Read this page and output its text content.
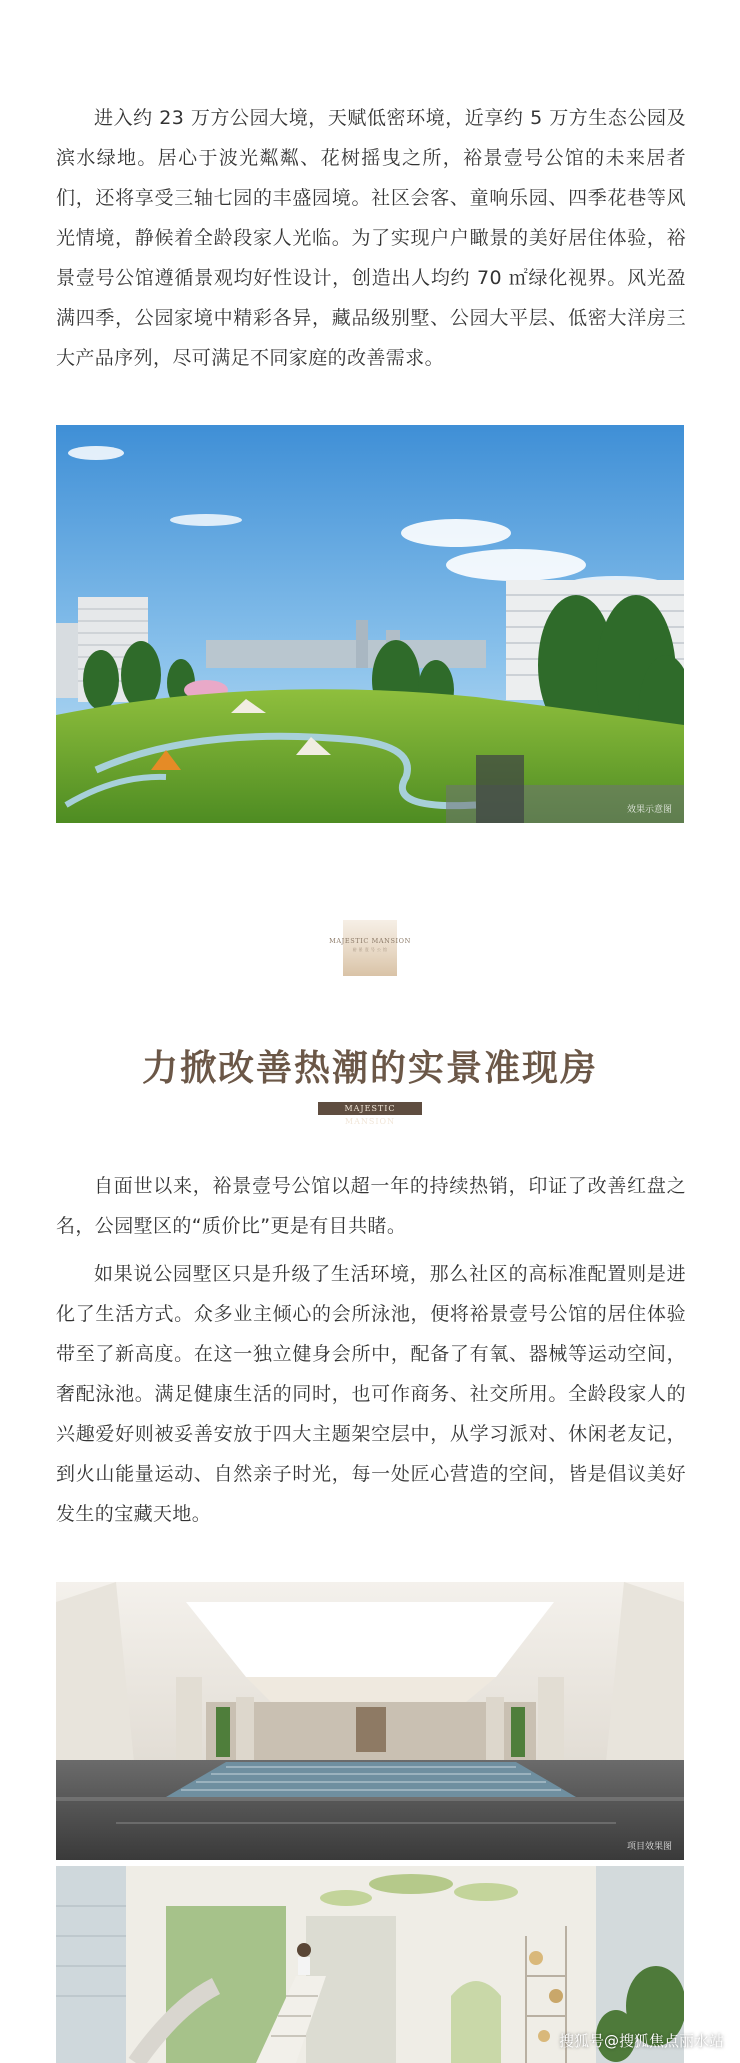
进入约 23 万方公园大境，天赋低密环境，近享约 5 万方生态公园及滨水绿地。居心于波光粼粼、花树摇曳之所，裕景壹号公馆的未来居者们，还将享受三轴七园的丰盛园境。社区会客、童响乐园、四季花巷等风光情境，静候着全龄段家人光临。为了实现户户瞰景的美好居住体验，裕景壹号公馆遵循景观均好性设计，创造出人均约 70 ㎡绿化视界。风光盈满四季，公园家境中精彩各异，藏品级别墅、公园大平层、低密大洋房三大产品序列，尽可满足不同家庭的改善需求。

效果示意图
MAJESTIC MANSION
裕 景 壹 号 公 馆
力掀改善热潮的实景准现房
MAJESTIC MANSION

自面世以来，裕景壹号公馆以超一年的持续热销，印证了改善红盘之名，公园墅区的“质价比”更是有目共睹。

如果说公园墅区只是升级了生活环境，那么社区的高标准配置则是进化了生活方式。众多业主倾心的会所泳池，便将裕景壹号公馆的居住体验带至了新高度。在这一独立健身会所中，配备了有氧、器械等运动空间，奢配泳池。满足健康生活的同时，也可作商务、社交所用。全龄段家人的兴趣爱好则被妥善安放于四大主题架空层中，从学习派对、休闲老友记，到火山能量运动、自然亲子时光，每一处匠心营造的空间，皆是倡议美好发生的宝藏天地。

项目效果图
搜狐号@搜狐焦点丽水站
